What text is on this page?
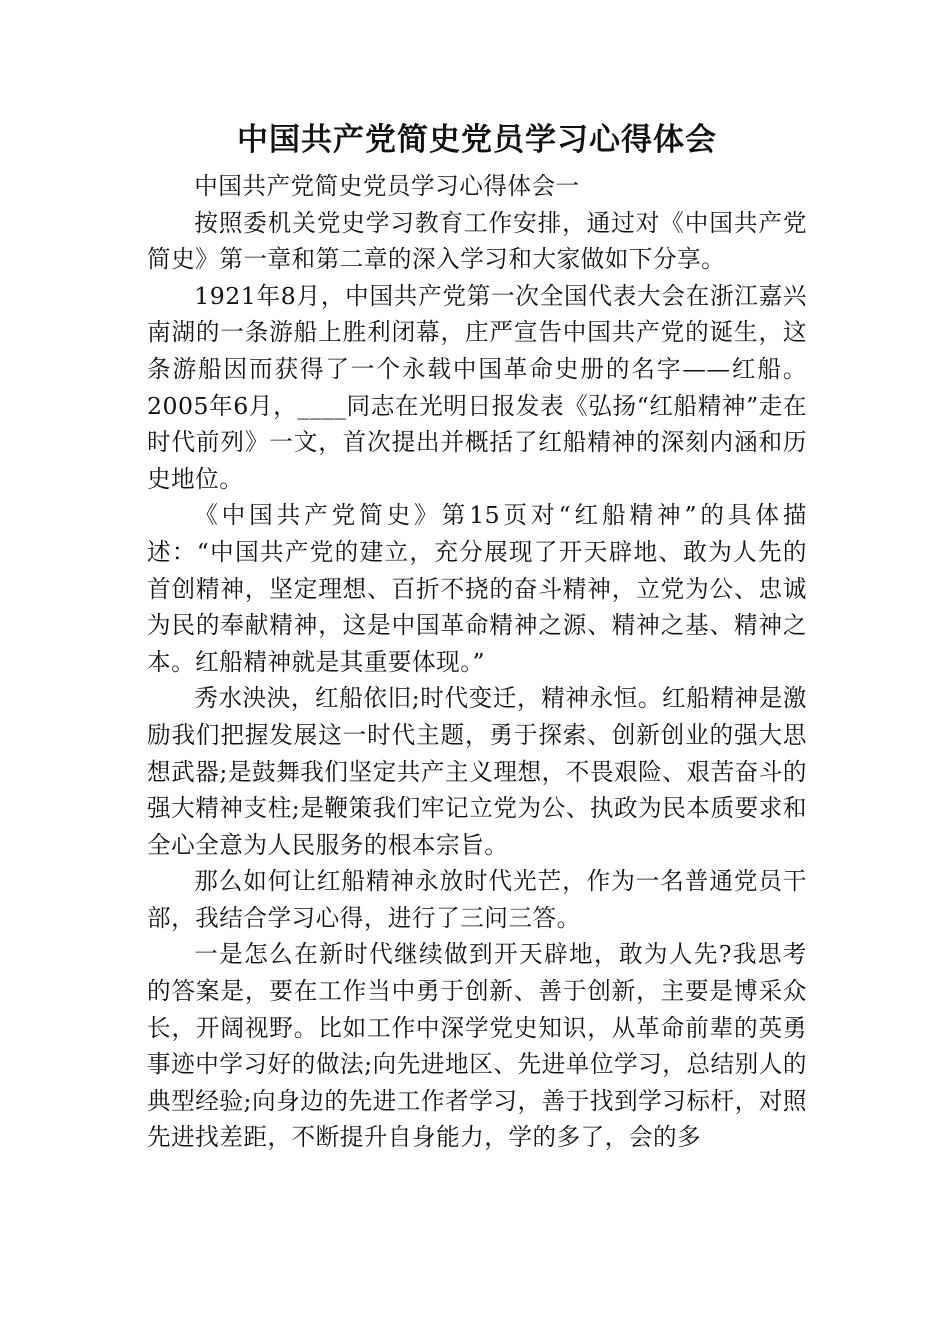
中国共产党简史党员学习心得体会

中国共产党简史党员学习心得体会一

按照委机关党史学习教育工作安排，通过对《中国共产党简史》第一章和第二章的深入学习和大家做如下分享。

1921年8月，中国共产党第一次全国代表大会在浙江嘉兴南湖的一条游船上胜利闭幕，庄严宣告中国共产党的诞生，这条游船因而获得了一个永载中国革命史册的名字——红船。2005年6月，____同志在光明日报发表《弘扬“红船精神”走在时代前列》一文，首次提出并概括了红船精神的深刻内涵和历史地位。

《中国共产党简史》第15页对“红船精神”的具体描述：“中国共产党的建立，充分展现了开天辟地、敢为人先的首创精神，坚定理想、百折不挠的奋斗精神，立党为公、忠诚为民的奉献精神，这是中国革命精神之源、精神之基、精神之本。红船精神就是其重要体现。”

秀水泱泱，红船依旧;时代变迁，精神永恒。红船精神是激励我们把握发展这一时代主题，勇于探索、创新创业的强大思想武器;是鼓舞我们坚定共产主义理想，不畏艰险、艰苦奋斗的强大精神支柱;是鞭策我们牢记立党为公、执政为民本质要求和全心全意为人民服务的根本宗旨。

那么如何让红船精神永放时代光芒，作为一名普通党员干部，我结合学习心得，进行了三问三答。

一是怎么在新时代继续做到开天辟地，敢为人先?我思考的答案是，要在工作当中勇于创新、善于创新，主要是博采众长，开阔视野。比如工作中深学党史知识，从革命前辈的英勇事迹中学习好的做法;向先进地区、先进单位学习，总结别人的典型经验;向身边的先进工作者学习，善于找到学习标杆，对照先进找差距，不断提升自身能力，学的多了，会的多
